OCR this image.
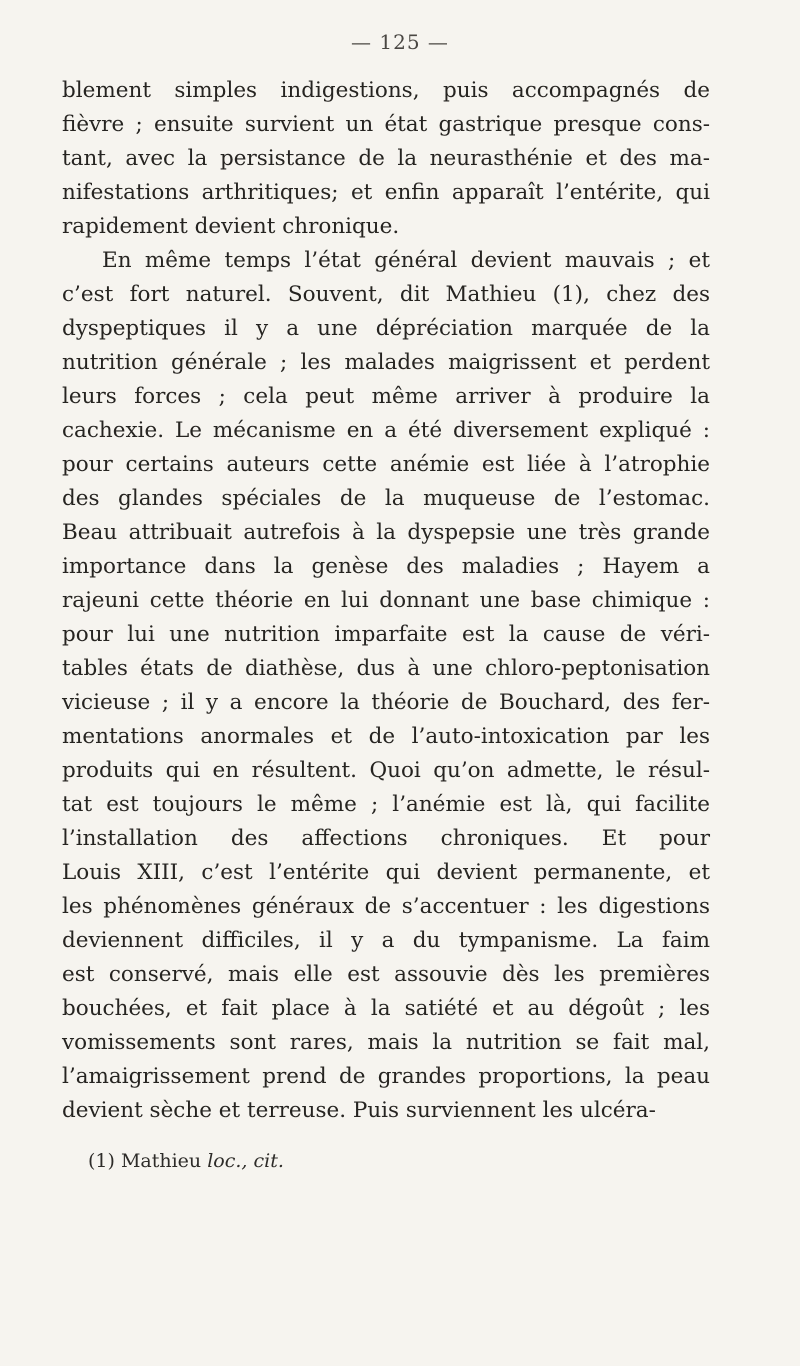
— 125 —
blement simples indigestions, puis accompagnés de
fièvre ; ensuite survient un état gastrique presque cons-
tant, avec la persistance de la neurasthénie et des ma-
nifestations arthritiques; et enfin apparaît l’entérite, qui
rapidement devient chronique.
En même temps l’état général devient mauvais ; et
c’est fort naturel. Souvent, dit Mathieu (1), chez des
dyspeptiques il y a une dépréciation marquée de la
nutrition générale ; les malades maigrissent et perdent
leurs forces ; cela peut même arriver à produire la
cachexie. Le mécanisme en a été diversement expliqué :
pour certains auteurs cette anémie est liée à l’atrophie
des glandes spéciales de la muqueuse de l’estomac.
Beau attribuait autrefois à la dyspepsie une très grande
importance dans la genèse des maladies ; Hayem a
rajeuni cette théorie en lui donnant une base chimique :
pour lui une nutrition imparfaite est la cause de véri-
tables états de diathèse, dus à une chloro-peptonisation
vicieuse ; il y a encore la théorie de Bouchard, des fer-
mentations anormales et de l’auto-intoxication par les
produits qui en résultent. Quoi qu’on admette, le résul-
tat est toujours le même ; l’anémie est là, qui facilite
l’installation des affections chroniques. Et pour
Louis XIII, c’est l’entérite qui devient permanente, et
les phénomènes généraux de s’accentuer : les digestions
deviennent difficiles, il y a du tympanisme. La faim
est conservé, mais elle est assouvie dès les premières
bouchées, et fait place à la satiété et au dégoût ; les
vomissements sont rares, mais la nutrition se fait mal,
l’amaigrissement prend de grandes proportions, la peau
devient sèche et terreuse. Puis surviennent les ulcéra-
(1) Mathieu loc., cit.
